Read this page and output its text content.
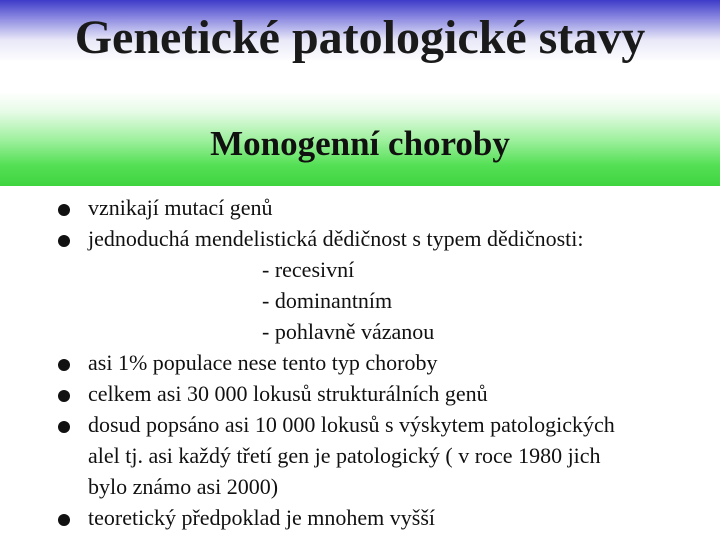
Genetické patologické stavy
Monogenní choroby
vznikají mutací genů
jednoduchá mendelistická dědičnost s typem dědičnosti:
- recesivní
- dominantním
- pohlavně vázanou
asi 1% populace nese tento typ choroby
celkem asi 30 000 lokusů strukturálních genů
dosud popsáno asi 10 000 lokusů s výskytem patologických
alel tj. asi každý třetí gen je patologický ( v roce 1980 jich
bylo známo asi 2000)
teoretický předpoklad je mnohem vyšší
